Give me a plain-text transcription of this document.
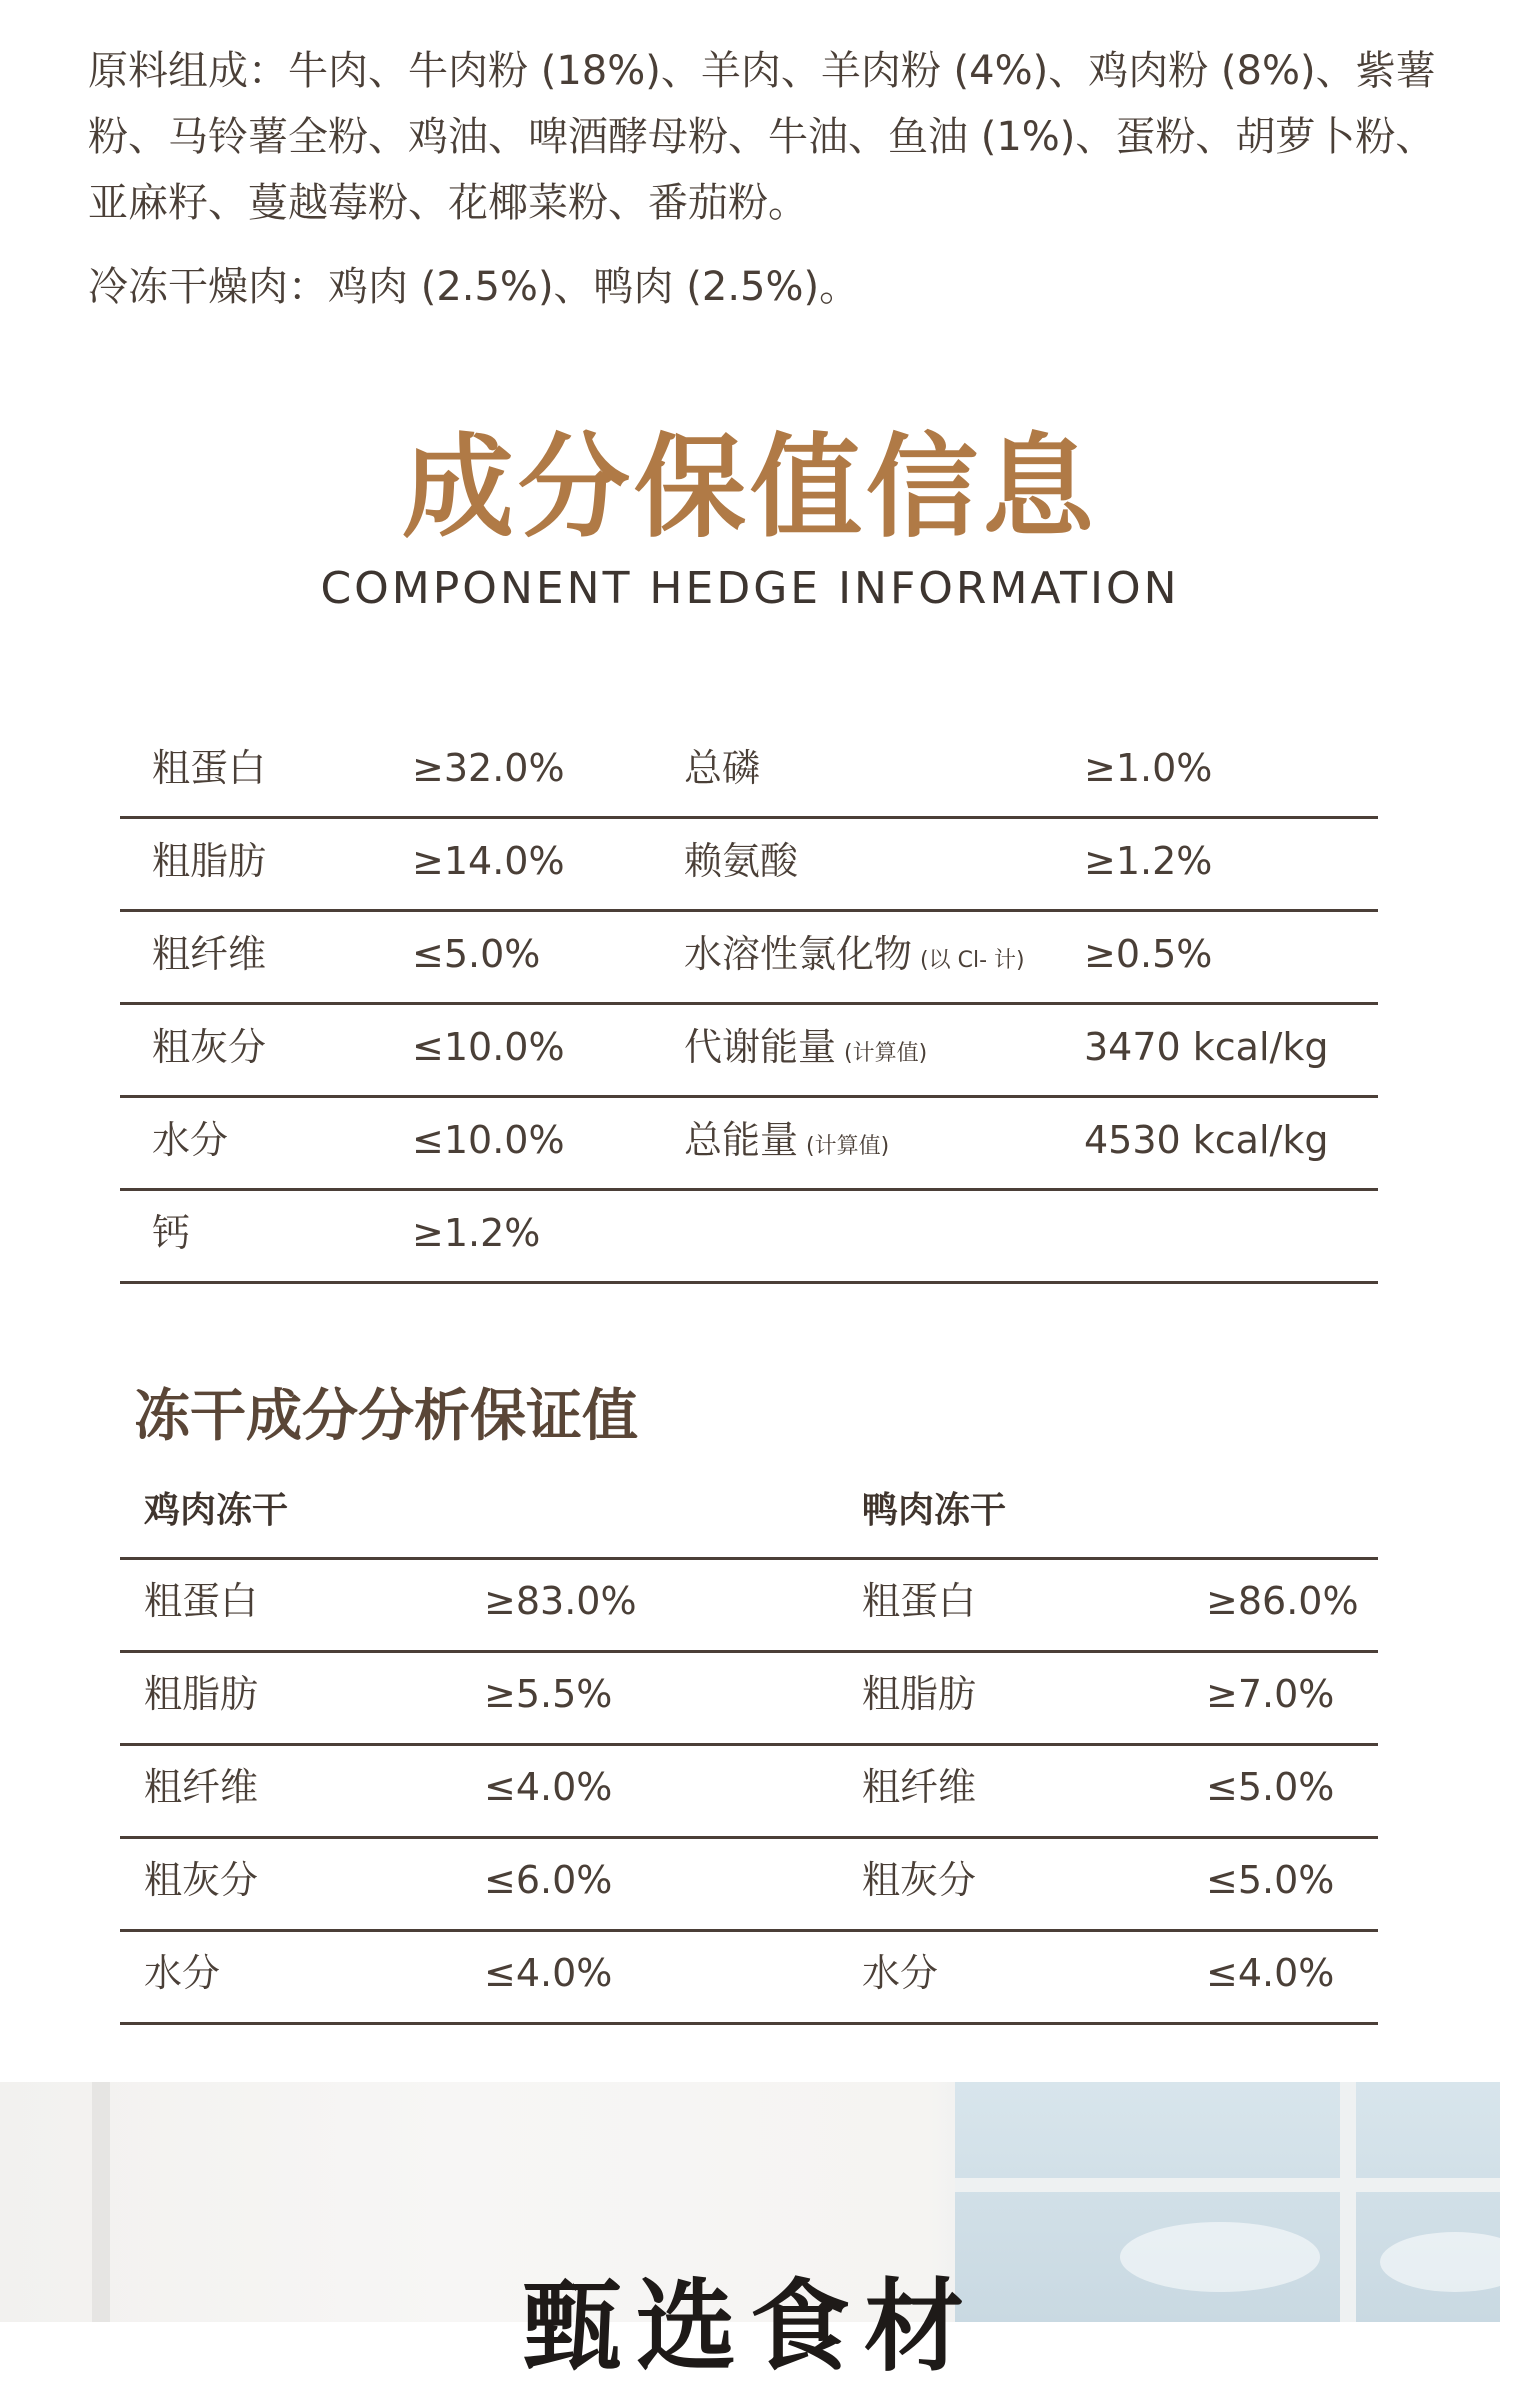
原料组成：牛肉、牛肉粉 (18%)、羊肉、羊肉粉 (4%)、鸡肉粉 (8%)、紫薯粉、马铃薯全粉、鸡油、啤酒酵母粉、牛油、鱼油 (1%)、蛋粉、胡萝卜粉、亚麻籽、蔓越莓粉、花椰菜粉、番茄粉。

冷冻干燥肉：鸡肉 (2.5%)、鸭肉 (2.5%)。

成分保值信息
COMPONENT HEDGE INFORMATION
粗蛋白	≥32.0%	总磷	≥1.0%
粗脂肪	≥14.0%	赖氨酸	≥1.2%
粗纤维	≤5.0%	水溶性氯化物 (以 Cl- 计) ≥0.5%
粗灰分	≤10.0%	代谢能量 (计算值)	3470 kcal/kg
水分	≤10.0%	总能量 (计算值)	4530 kcal/kg
钙	≥1.2%
冻干成分分析保证值
鸡肉冻干	鸭肉冻干
粗蛋白	≥83.0%	粗蛋白	≥86.0%
粗脂肪	≥5.5%	粗脂肪	≥7.0%
粗纤维	≤4.0%	粗纤维	≤5.0%
粗灰分	≤6.0%	粗灰分	≤5.0%
水分	≤4.0%	水分	≤4.0%
甄选食材
